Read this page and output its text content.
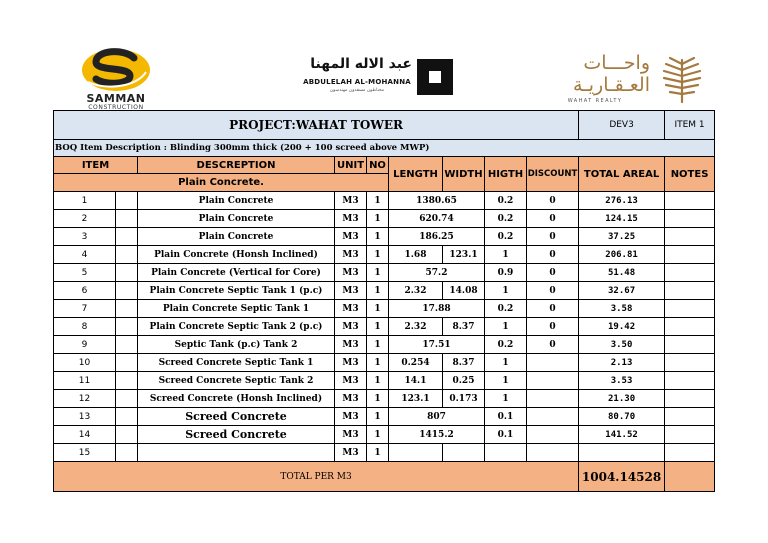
SAMMAN
CONSTRUCTION
عبد الاله المهنا
ABDULELAH AL-MOHANNA
محتاطون مسقدون مهندسون
واحـــات
العـقـاريـة
WAHAT REALTY
PROJECT:WAHAT TOWER									DEV3	ITEM 1
BOQ Item Description : Blinding 300mm thick (200 + 100 screed above MWP)										
ITEM		DESCREPTION	UNIT	NO	LENGTH	WIDTH	HIGTH	DISCOUNT	TOTAL AREAL	NOTES
Plain Concrete.										
1		Plain Concrete	M3	1	1380.65		0.2	0	276.13	
2		Plain Concrete	M3	1	620.74		0.2	0	124.15	
3		Plain Concrete	M3	1	186.25		0.2	0	37.25	
4		Plain Concrete (Honsh Inclined)	M3	1	1.68	123.1	1	0	206.81	
5		Plain Concrete (Vertical for Core)	M3	1	57.2		0.9	0	51.48	
6		Plain Concrete Septic Tank 1 (p.c)	M3	1	2.32	14.08	1	0	32.67	
7		Plain Concrete Septic Tank 1	M3	1	17.88		0.2	0	3.58	
8		Plain Concrete Septic Tank 2 (p.c)	M3	1	2.32	8.37	1	0	19.42	
9		Septic Tank (p.c) Tank 2	M3	1	17.51		0.2	0	3.50	
10		Screed Concrete Septic Tank 1	M3	1	0.254	8.37	1		2.13	
11		Screed Concrete Septic Tank 2	M3	1	14.1	0.25	1		3.53	
12		Screed Concrete (Honsh Inclined)	M3	1	123.1	0.173	1		21.30	
13		Screed Concrete	M3	1	807		0.1		80.70	
14		Screed Concrete	M3	1	1415.2		0.1		141.52	
15			M3	1						
TOTAL PER M3									1004.14528	
